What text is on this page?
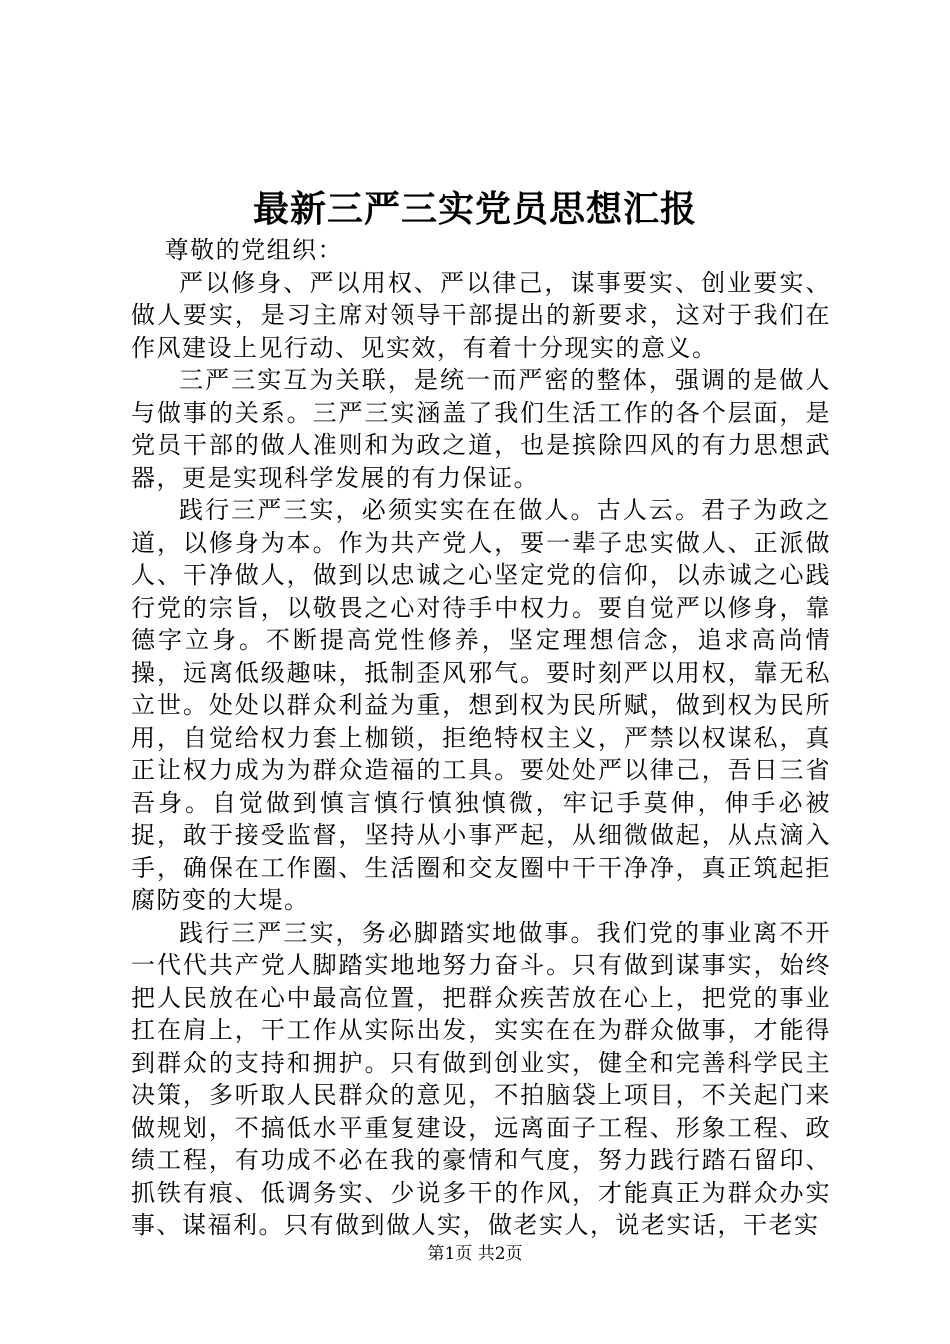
最新三严三实党员思想汇报
尊敬的党组织：

严以修身、严以用权、严以律己，谋事要实、创业要实、做人要实，是习主席对领导干部提出的新要求，这对于我们在作风建设上见行动、见实效，有着十分现实的意义。

三严三实互为关联，是统一而严密的整体，强调的是做人与做事的关系。三严三实涵盖了我们生活工作的各个层面，是党员干部的做人准则和为政之道，也是摈除四风的有力思想武器，更是实现科学发展的有力保证。

践行三严三实，必须实实在在做人。古人云。君子为政之道，以修身为本。作为共产党人，要一辈子忠实做人、正派做人、干净做人，做到以忠诚之心坚定党的信仰，以赤诚之心践行党的宗旨，以敬畏之心对待手中权力。要自觉严以修身，靠德字立身。不断提高党性修养，坚定理想信念，追求高尚情操，远离低级趣味，抵制歪风邪气。要时刻严以用权，靠无私立世。处处以群众利益为重，想到权为民所赋，做到权为民所用，自觉给权力套上枷锁，拒绝特权主义，严禁以权谋私，真正让权力成为为群众造福的工具。要处处严以律己，吾日三省吾身。自觉做到慎言慎行慎独慎微，牢记手莫伸，伸手必被捉，敢于接受监督，坚持从小事严起，从细微做起，从点滴入手，确保在工作圈、生活圈和交友圈中干干净净，真正筑起拒腐防变的大堤。

践行三严三实，务必脚踏实地做事。我们党的事业离不开一代代共产党人脚踏实地地努力奋斗。只有做到谋事实，始终把人民放在心中最高位置，把群众疾苦放在心上，把党的事业扛在肩上，干工作从实际出发，实实在在为群众做事，才能得到群众的支持和拥护。只有做到创业实，健全和完善科学民主决策，多听取人民群众的意见，不拍脑袋上项目，不关起门来做规划，不搞低水平重复建设，远离面子工程、形象工程、政绩工程，有功成不必在我的豪情和气度，努力践行踏石留印、抓铁有痕、低调务实、少说多干的作风，才能真正为群众办实事、谋福利。只有做到做人实，做老实人，说老实话，干老实

第1页 共2页
